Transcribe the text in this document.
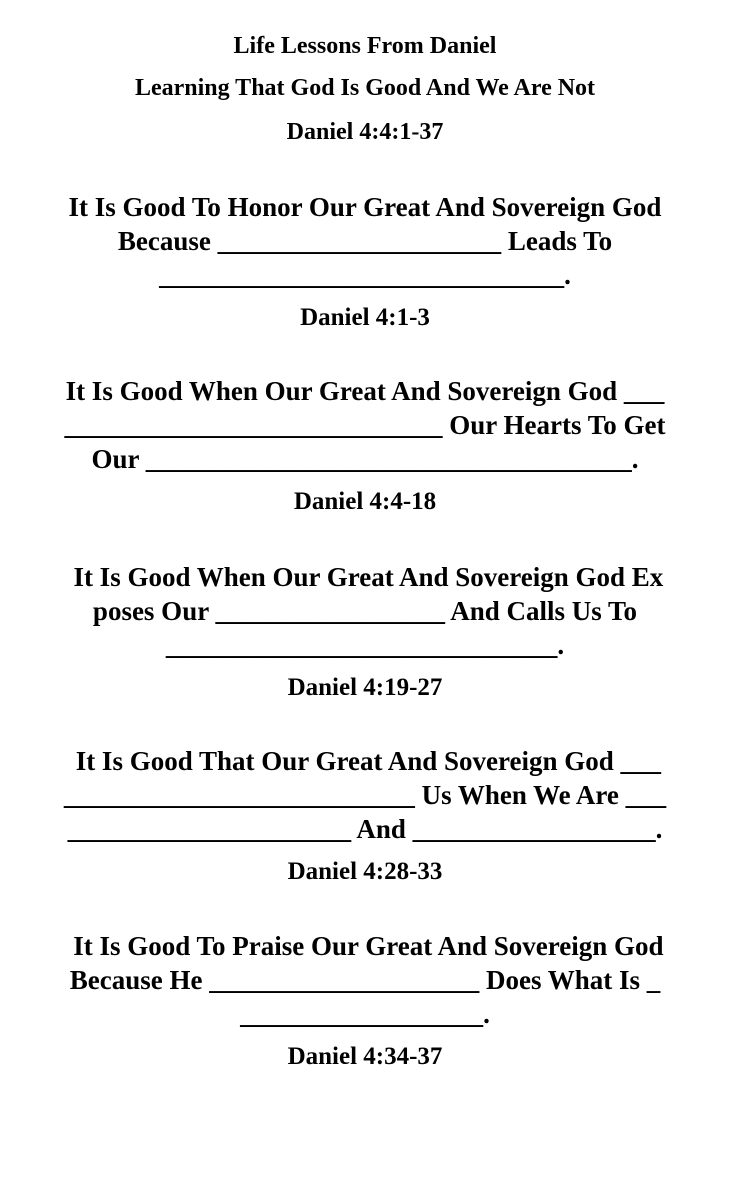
Life Lessons From Daniel
Learning That God Is Good And We Are Not
Daniel 4:4:1-37
It Is Good To Honor Our Great And Sovereign God
Because _____________________ Leads To
______________________________.
Daniel 4:1-3
It Is Good When Our Great And Sovereign God ___
____________________________ Our Hearts To Get
Our ____________________________________.
Daniel 4:4-18
It Is Good When Our Great And Sovereign God Ex
poses Our _________________ And Calls Us To
_____________________________.
Daniel 4:19-27
It Is Good That Our Great And Sovereign God ___
__________________________ Us When We Are ___
_____________________ And __________________.
Daniel 4:28-33
It Is Good To Praise Our Great And Sovereign God
Because He ____________________ Does What Is _
__________________.
Daniel 4:34-37
